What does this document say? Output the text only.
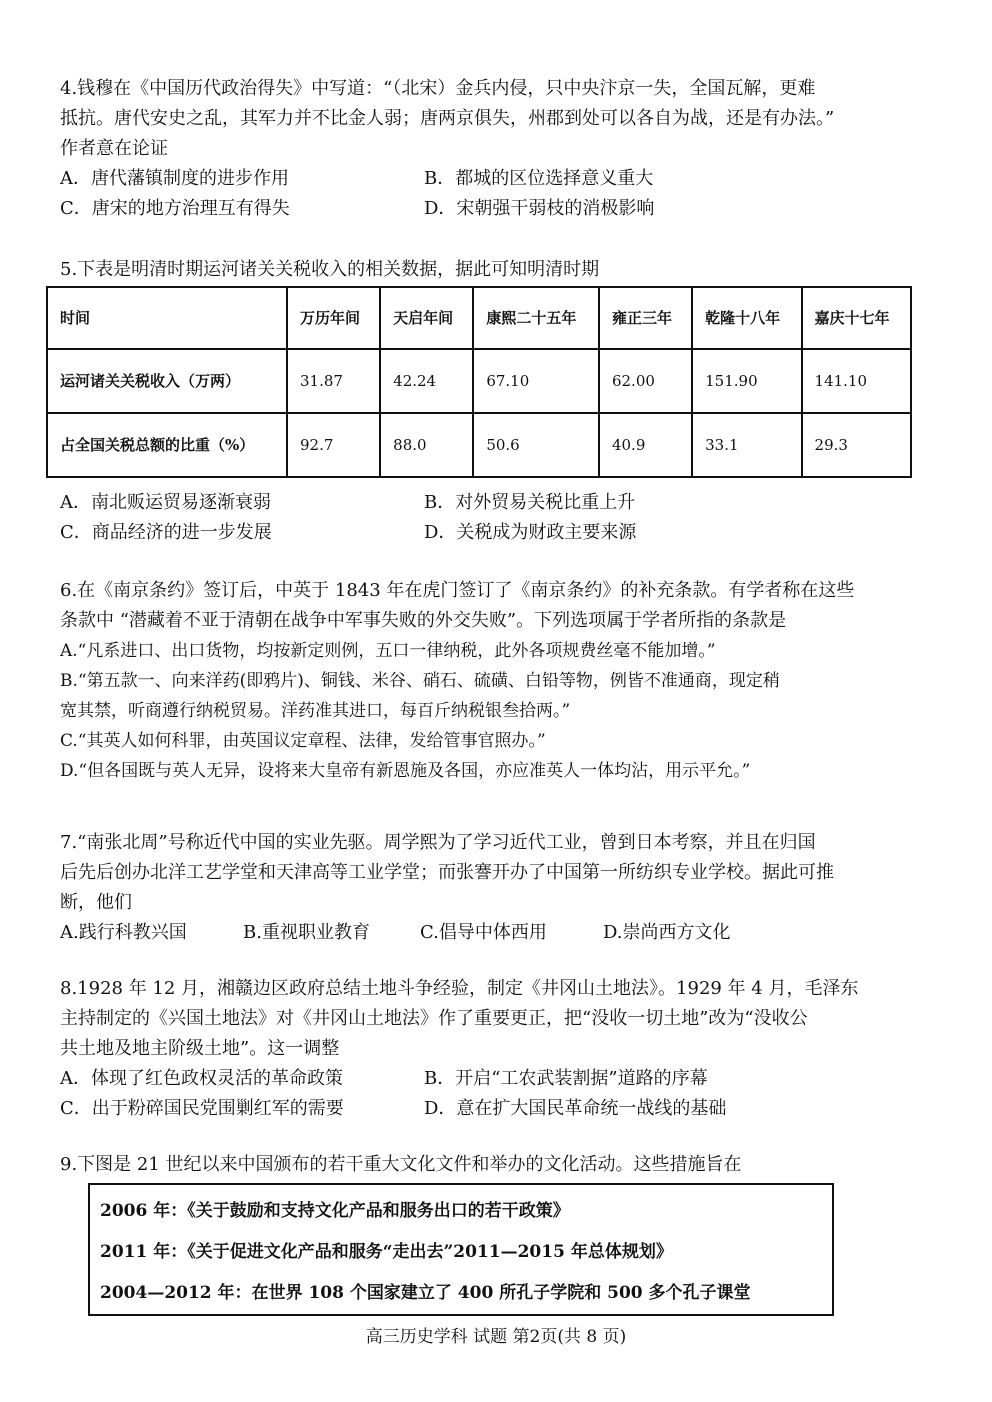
4.钱穆在《中国历代政治得失》中写道：“（北宋）金兵内侵，只中央汴京一失，全国瓦解，更难
抵抗。唐代安史之乱，其军力并不比金人弱；唐两京俱失，州郡到处可以各自为战，还是有办法。”
作者意在论证
A．唐代藩镇制度的进步作用	B．都城的区位选择意义重大
C．唐宋的地方治理互有得失	D．宋朝强干弱枝的消极影响
5.下表是明清时期运河诸关关税收入的相关数据，据此可知明清时期
时间	万历年间	天启年间	康熙二十五年	雍正三年	乾隆十八年	嘉庆十七年
运河诸关关税收入（万两）	31.87	42.24	67.10	62.00	151.90	141.10
占全国关税总额的比重（%）	92.7	88.0	50.6	40.9	33.1	29.3
A．南北贩运贸易逐渐衰弱	B．对外贸易关税比重上升
C．商品经济的进一步发展	D．关税成为财政主要来源
6.在《南京条约》签订后，中英于 1843 年在虎门签订了《南京条约》的补充条款。有学者称在这些
条款中 “潜藏着不亚于清朝在战争中军事失败的外交失败”。下列选项属于学者所指的条款是
A.“凡系进口、出口货物，均按新定则例，五口一律纳税，此外各项规费丝毫不能加增。”
B.“第五款一、向来洋药(即鸦片)、铜钱、米谷、硝石、硫磺、白铅等物，例皆不准通商，现定稍
宽其禁，听商遵行纳税贸易。洋药准其进口，每百斤纳税银叁拾两。”
C.“其英人如何科罪，由英国议定章程、法律，发给管事官照办。”
D.“但各国既与英人无异，设将来大皇帝有新恩施及各国，亦应准英人一体均沾，用示平允。”
7.“南张北周”号称近代中国的实业先驱。周学熙为了学习近代工业，曾到日本考察，并且在归国
后先后创办北洋工艺学堂和天津高等工业学堂；而张謇开办了中国第一所纺织专业学校。据此可推
断，他们
A.践行科教兴国	B.重视职业教育	C.倡导中体西用	D.崇尚西方文化
8.1928 年 12 月，湘赣边区政府总结土地斗争经验，制定《井冈山土地法》。1929 年 4 月，毛泽东
主持制定的《兴国土地法》对《井冈山土地法》作了重要更正，把“没收一切土地”改为“没收公
共土地及地主阶级土地”。这一调整
A．体现了红色政权灵活的革命政策	B．开启“工农武装割据”道路的序幕
C．出于粉碎国民党围剿红军的需要	D．意在扩大国民革命统一战线的基础
9.下图是 21 世纪以来中国颁布的若干重大文化文件和举办的文化活动。这些措施旨在
2006 年：《关于鼓励和支持文化产品和服务出口的若干政策》
2011 年：《关于促进文化产品和服务“走出去”2011—2015 年总体规划》
2004—2012 年：在世界 108 个国家建立了 400 所孔子学院和 500 多个孔子课堂
高三历史学科 试题 第2页(共 8 页)
